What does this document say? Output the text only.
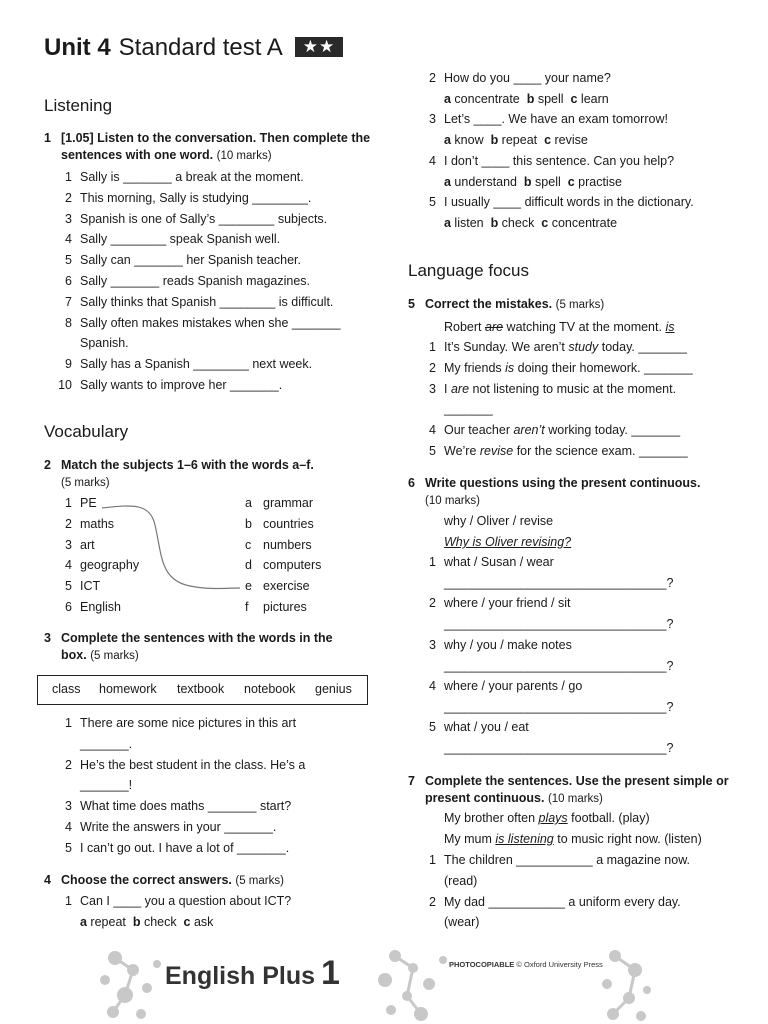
Unit 4 Standard test A ★★
Listening
1 [1.05] Listen to the conversation. Then complete the sentences with one word. (10 marks)
Vocabulary
2 Match the subjects 1–6 with the words a–f.
(5 marks)
3 Complete the sentences with the words in the box. (5 marks)
class homework textbook notebook genius
4 Choose the correct answers. (5 marks)
Language focus
5 Correct the mistakes. (5 marks)
Robert are watching TV at the moment. is
6 Write questions using the present continuous.
(10 marks)
why / Oliver / revise
Why is Oliver revising?
7 Complete the sentences. Use the present simple or present continuous. (10 marks)
My brother often plays football. (play)
My mum is listening to music right now. (listen)
English Plus 1	PHOTOCOPIABLE © Oxford University Press
1 Sally is _______ a break at the moment.
2 This morning, Sally is studying ________.
3 Spanish is one of Sally’s ________ subjects.
4 Sally ________ speak Spanish well.
5 Sally can _______ her Spanish teacher.
6 Sally _______ reads Spanish magazines.
7 Sally thinks that Spanish ________ is difficult.
8 Sally often makes mistakes when she _______
Spanish.
9 Sally has a Spanish ________ next week.
10 Sally wants to improve her _______.
1 PE
2 maths
3 art
4 geography
5 ICT
6 English
a grammar
b countries
c numbers
d computers
e exercise
f pictures
1 There are some nice pictures in this art
_______.
2 He’s the best student in the class. He’s a
_______!
3 What time does maths _______ start?
4 Write the answers in your _______.
5 I can’t go out. I have a lot of _______.
1 Can I ____ you a question about ICT?
a repeat  b check  c ask
2 How do you ____ your name?
a concentrate  b spell  c learn
3 Let’s ____. We have an exam tomorrow!
a know  b repeat  c revise
4 I don’t ____ this sentence. Can you help?
a understand  b spell  c practise
5 I usually ____ difficult words in the dictionary.
a listen  b check  c concentrate
1 It’s Sunday. We aren’t study today. _______
2 My friends is doing their homework. _______
3 I are not listening to music at the moment.
_______
4 Our teacher aren’t working today. _______
5 We’re revise for the science exam. _______
1 what / Susan / wear
________________________________?
2 where / your friend / sit
________________________________?
3 why / you / make notes
________________________________?
4 where / your parents / go
________________________________?
5 what / you / eat
________________________________?
1 The children ___________ a magazine now.
(read)
2 My dad ___________ a uniform every day.
(wear)
